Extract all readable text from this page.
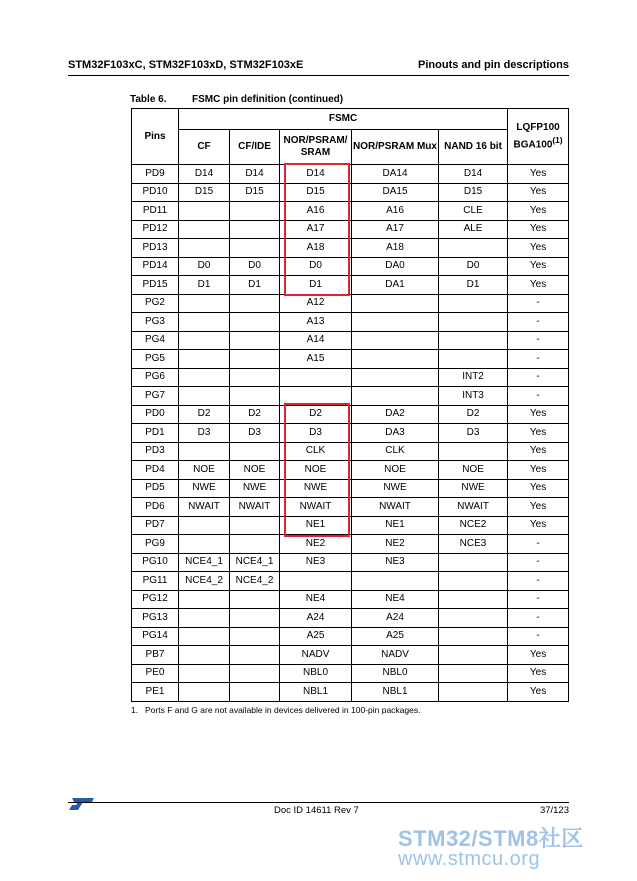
STM32F103xC, STM32F103xD, STM32F103xE	Pinouts and pin descriptions
Table 6.	FSMC pin definition (continued)
Pins	FSMC					LQFP100 BGA100$^{(1)}$
	CF	CF/IDE	NOR/PSRAM/ SRAM	NOR/PSRAM Mux	NAND 16 bit	
PD9	D14	D14	D14	DA14	D14	Yes
PD10	D15	D15	D15	DA15	D15	Yes
PD11			A16	A16	CLE	Yes
PD12			A17	A17	ALE	Yes
PD13			A18	A18		Yes
PD14	D0	D0	D0	DA0	D0	Yes
PD15	D1	D1	D1	DA1	D1	Yes
PG2			A12			-
PG3			A13			-
PG4			A14			-
PG5			A15			-
PG6					INT2	-
PG7					INT3	-
PD0	D2	D2	D2	DA2	D2	Yes
PD1	D3	D3	D3	DA3	D3	Yes
PD3			CLK	CLK		Yes
PD4	NOE	NOE	NOE	NOE	NOE	Yes
PD5	NWE	NWE	NWE	NWE	NWE	Yes
PD6	NWAIT	NWAIT	NWAIT	NWAIT	NWAIT	Yes
PD7			NE1	NE1	NCE2	Yes
PG9			NE2	NE2	NCE3	-
PG10	NCE4_1	NCE4_1	NE3	NE3		-
PG11	NCE4_2	NCE4_2				-
PG12			NE4	NE4		-
PG13			A24	A24		-
PG14			A25	A25		-
PB7			NADV	NADV		Yes
PE0			NBL0	NBL0		Yes
PE1			NBL1	NBL1		Yes
1. Ports F and G are not available in devices delivered in 100-pin packages.
Doc ID 14611 Rev 7	37/123
STM32/STM8社区
www.stmcu.org
